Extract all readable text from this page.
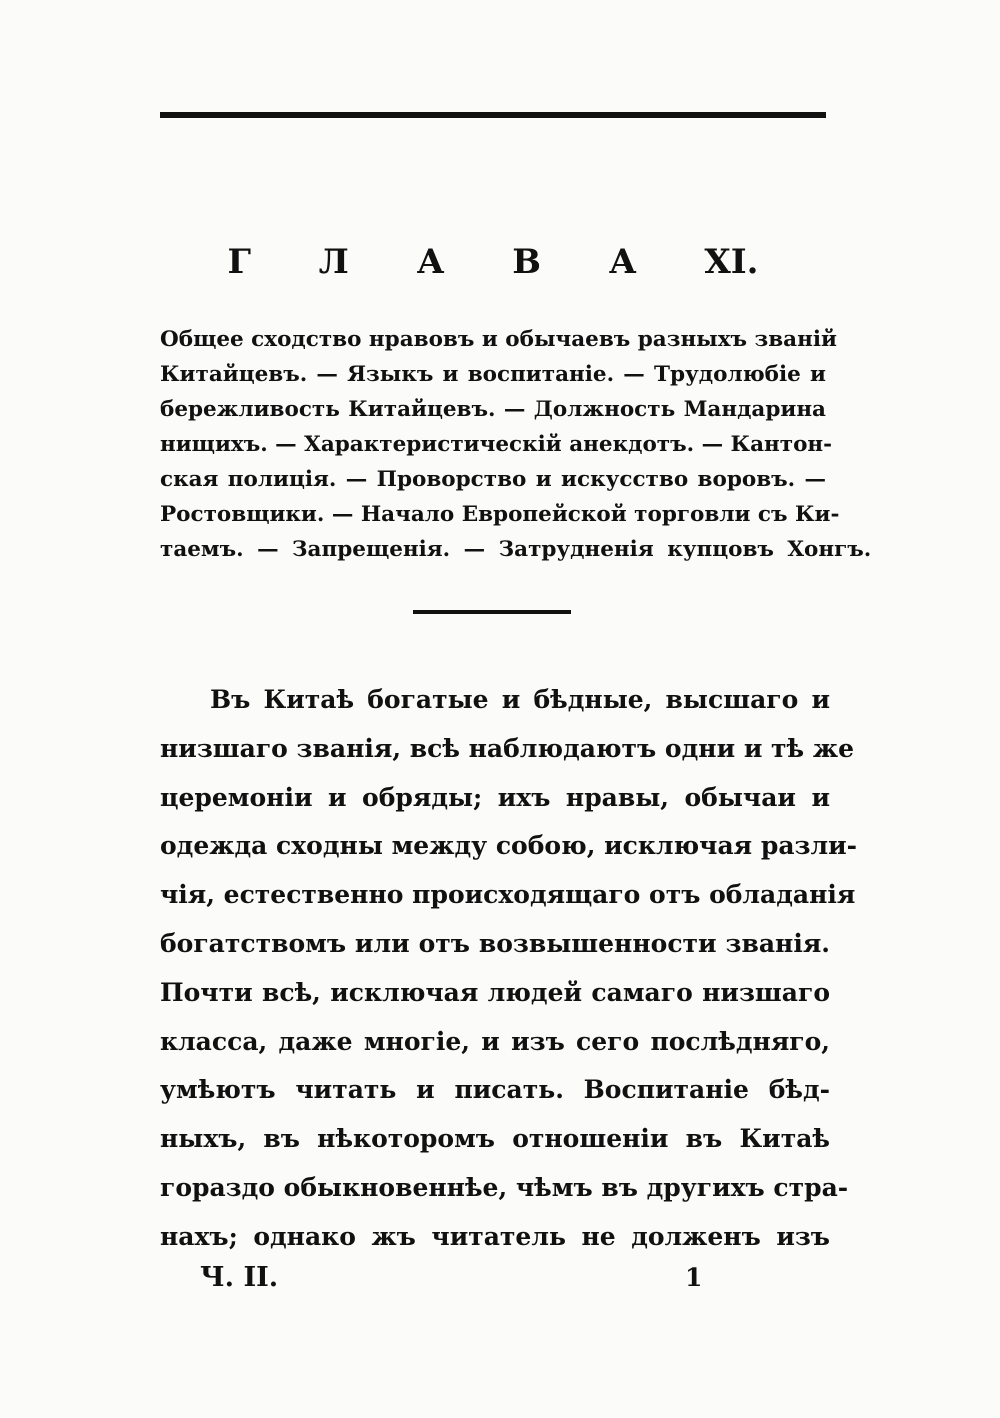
Г Л А В А XI.
Общее сходство нравовъ и обычаевъ разныхъ званій
Китайцевъ. — Языкъ и воспитаніе. — Трудолюбіе и
бережливость Китайцевъ. — Должность Мандарина
нищихъ. — Характеристическій анекдотъ. — Кантон-
ская полиція. — Проворство и искусство воровъ. —
Ростовщики. — Начало Европейской торговли съ Ки-
таемъ. — Запрещенія. — Затрудненія купцовъ Хонгъ.
Въ Китаѣ богатые и бѣдные, высшаго и
низшаго званія, всѣ наблюдаютъ одни и тѣ же
церемоніи и обряды; ихъ нравы, обычаи и
одежда сходны между собою, исключая разли-
чія, естественно происходящаго отъ обладанія
богатствомъ или отъ возвышенности званія.
Почти всѣ, исключая людей самаго низшаго
класса, даже многіе, и изъ сего послѣдняго,
умѣютъ читать и писать. Воспитаніе бѣд-
ныхъ, въ нѣкоторомъ отношеніи въ Китаѣ
гораздо обыкновеннѣе, чѣмъ въ другихъ стра-
нахъ; однако жъ читатель не долженъ изъ
Ч. II.	1
